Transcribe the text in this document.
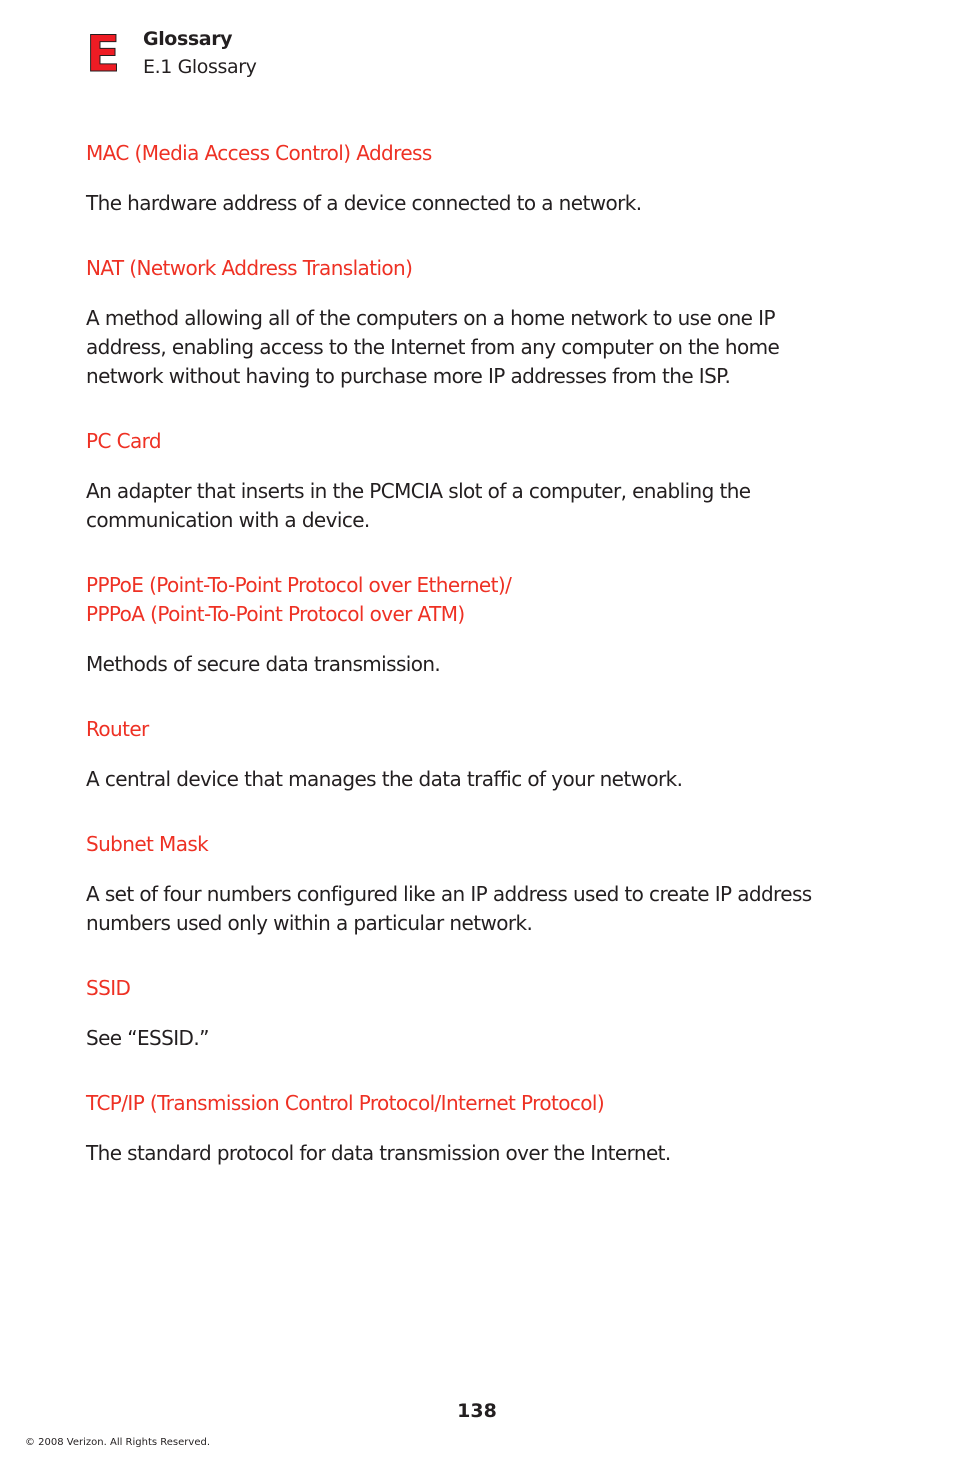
E Glossary
E.1 Glossary

MAC (Media Access Control) Address

The hardware address of a device connected to a network.

NAT (Network Address Translation)

A method allowing all of the computers on a home network to use one IP address, enabling access to the Internet from any computer on the home network without having to purchase more IP addresses from the ISP.

PC Card

An adapter that inserts in the PCMCIA slot of a computer, enabling the communication with a device.

PPPoE (Point-To-Point Protocol over Ethernet)/
PPPoA (Point-To-Point Protocol over ATM)

Methods of secure data transmission.

Router

A central device that manages the data traffic of your network.

Subnet Mask

A set of four numbers configured like an IP address used to create IP address numbers used only within a particular network.

SSID

See “ESSID.”

TCP/IP (Transmission Control Protocol/Internet Protocol)

The standard protocol for data transmission over the Internet.

138
© 2008 Verizon. All Rights Reserved.
